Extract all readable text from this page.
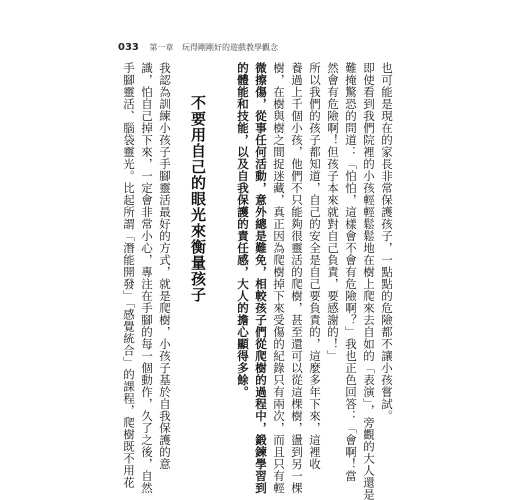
033 第一章 玩得剛剛好的遊戲教學觀念
也可能是現在的家長非常保護孩子，一點點的危險都不讓小孩嘗試。
即使看到我們院裡的小孩輕輕鬆鬆地在樹上爬來去自如的「表演」，旁觀的大人還是
難掩驚恐的問道：「怕怕，這樣會不會有危險啊？」我也正色回答：「會啊！當
然會有危險啊！但孩子本來就對自己負責，要感謝的！」
所以我們的孩子都知道，自己的安全是自己要負責的，這麼多年下來，這裡收
養過上千個小孩，他們不只能夠很靈活的爬樹，甚至還可以從這棵樹，盪到另一棵
樹，在樹與樹之間捉迷藏，真正因為爬樹掉下來受傷的紀錄只有兩次，而且只有輕
微擦傷，從事任何活動，意外總是難免，相較孩子們從爬樹的過程中，鍛鍊學習到
的體能和技能，以及自我保護的責任感，大人的擔心顯得多餘。
不要用自己的眼光來衡量孩子
我認為訓練小孩子手腳靈活最好的方式，就是爬樹，小孩子基於自我保護的意
識，怕自己掉下來，一定會非常小心，專注在手腳的每一個動作，久了之後，自然
手腳靈活、腦袋靈光。比起所謂「潛能開發」「感覺統合」的課程，爬樹既不用花
